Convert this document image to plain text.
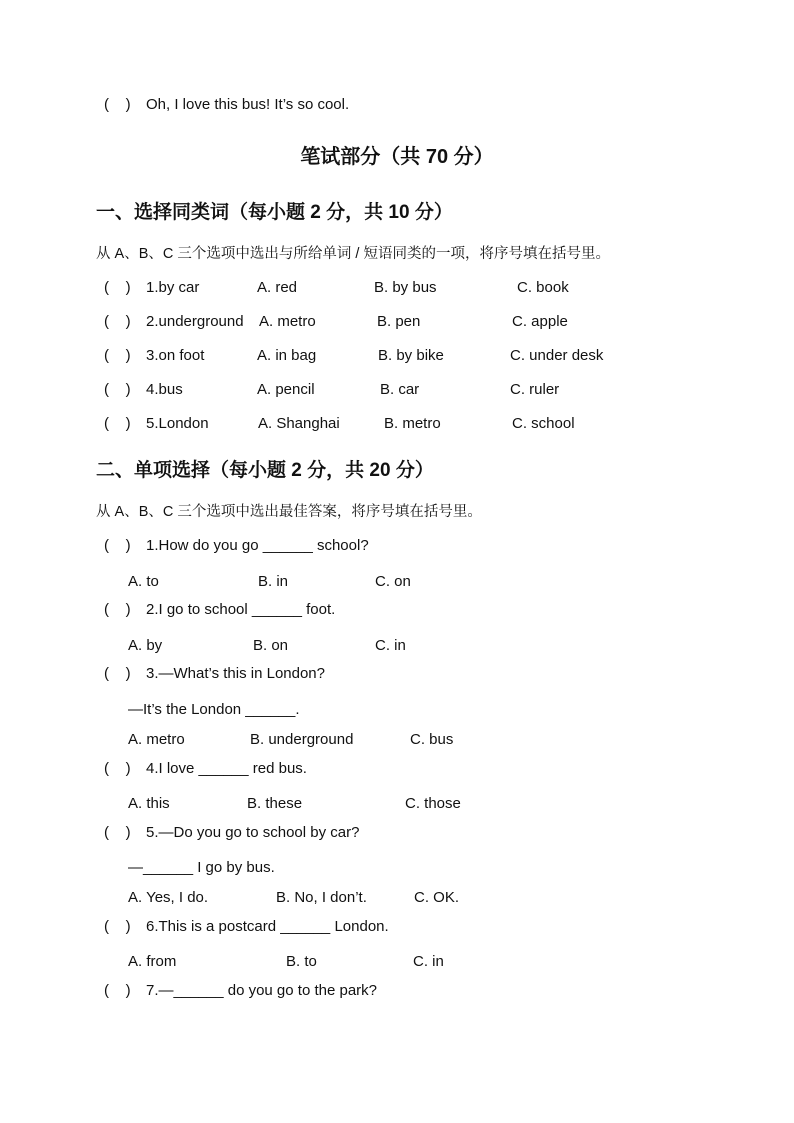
(    ) Oh, I love this bus! It’s so cool.
笔试部分（共 70 分）
一、选择同类词（每小题 2 分，共 10 分）
从 A、B、C 三个选项中选出与所给单词 / 短语同类的一项，将序号填在括号里。
(    ) 1.by car	A. red	B. by bus	C. book
(    ) 2.underground A. metro	B. pen	C. apple
(    ) 3.on foot	A. in bag	B. by bike	C. under desk
(    ) 4.bus	A. pencil	B. car	C. ruler
(    ) 5.London	A. Shanghai	B. metro	C. school
二、单项选择（每小题 2 分，共 20 分）
从 A、B、C 三个选项中选出最佳答案，将序号填在括号里。
(    ) 1.How do you go ______ school?
A. to	B. in	C. on
(    ) 2.I go to school ______ foot.
A. by	B. on	C. in
(    ) 3.—What’s this in London?
—It’s the London ______.
A. metro	B. underground	C. bus
(    ) 4.I love ______ red bus.
A. this	B. these	C. those
(    ) 5.—Do you go to school by car?
—______ I go by bus.
A. Yes, I do.	B. No, I don’t.	C. OK.
(    ) 6.This is a postcard ______ London.
A. from	B. to	C. in
(    ) 7.—______ do you go to the park?
